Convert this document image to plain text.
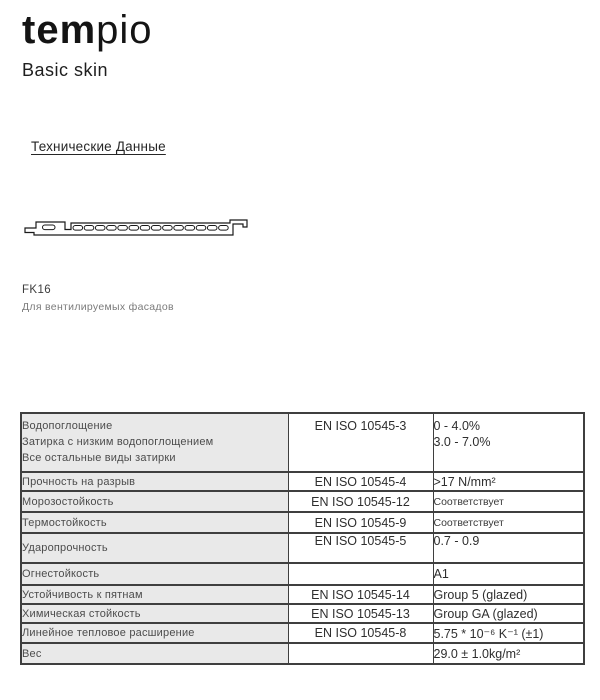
tempio
Basic skin
Технические Данные
FK16
Для вентилируемых фасадов
Водопоглощение
Затирка с низким водопоглощением
Все остальные виды затирки
	EN ISO 10545-3	0 - 4.0%
3.0 - 7.0%

Прочность на разрыв	EN ISO 10545-4	>17 N/mm²
Морозостойкость	EN ISO 10545-12	Соответствует
Термостойкость	EN ISO 10545-9	Соответствует
Ударопрочность	EN ISO 10545-5	0.7 - 0.9
Огнестойкость		A1
Устойчивость к пятнам	EN ISO 10545-14	Group 5 (glazed)
Химическая стойкость	EN ISO 10545-13	Group GA (glazed)
Линейное тепловое расширение	EN ISO 10545-8	5.75 * 10⁻⁶ K⁻¹ (±1)
Вес		29.0 ± 1.0kg/m²
